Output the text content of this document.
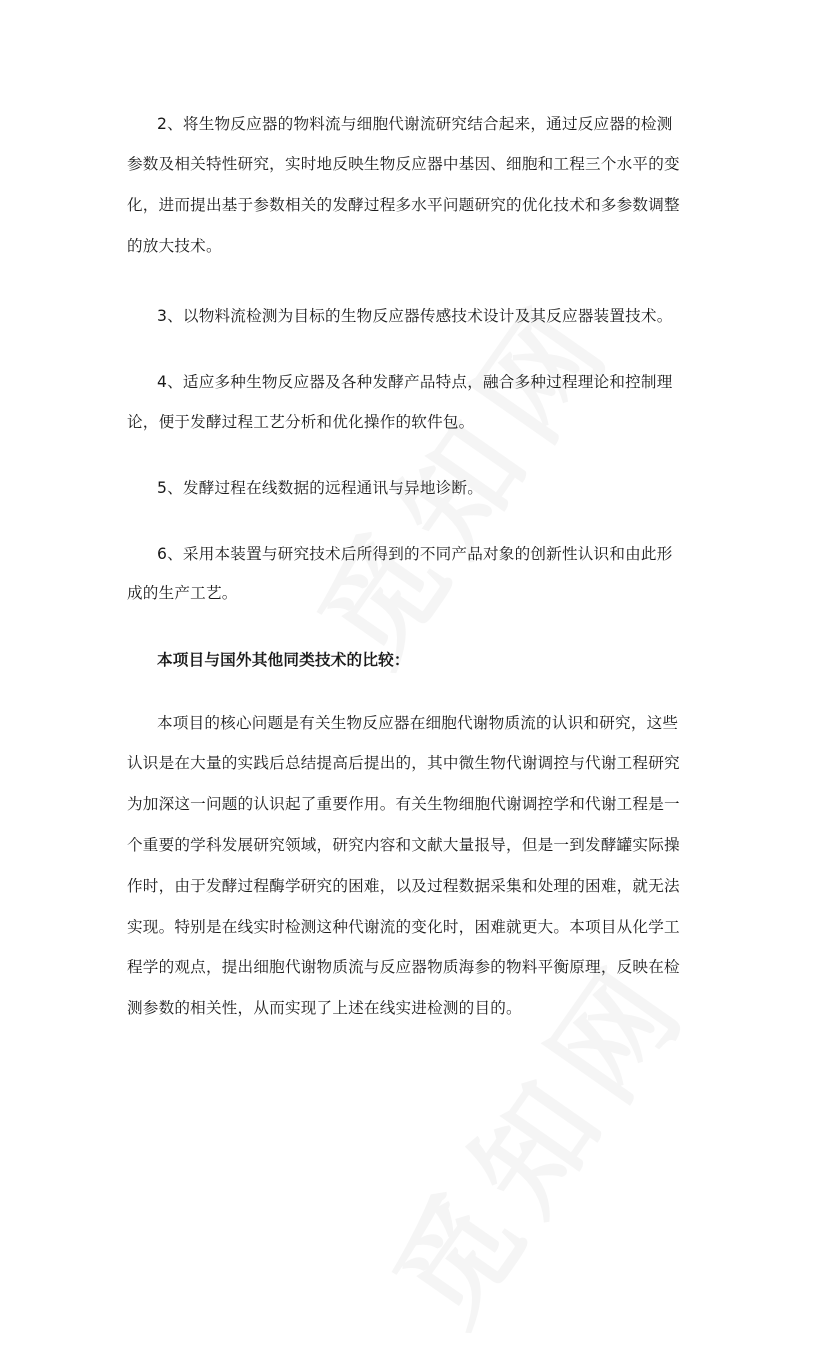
2、将生物反应器的物料流与细胞代谢流研究结合起来，通过反应器的检测
参数及相关特性研究，实时地反映生物反应器中基因、细胞和工程三个水平的变
化，进而提出基于参数相关的发酵过程多水平问题研究的优化技术和多参数调整
的放大技术。
3、以物料流检测为目标的生物反应器传感技术设计及其反应器装置技术。
4、适应多种生物反应器及各种发酵产品特点，融合多种过程理论和控制理
论，便于发酵过程工艺分析和优化操作的软件包。
5、发酵过程在线数据的远程通讯与异地诊断。
6、采用本装置与研究技术后所得到的不同产品对象的创新性认识和由此形
成的生产工艺。
本项目与国外其他同类技术的比较：
本项目的核心问题是有关生物反应器在细胞代谢物质流的认识和研究，这些
认识是在大量的实践后总结提高后提出的，其中微生物代谢调控与代谢工程研究
为加深这一问题的认识起了重要作用。有关生物细胞代谢调控学和代谢工程是一
个重要的学科发展研究领域，研究内容和文献大量报导，但是一到发酵罐实际操
作时，由于发酵过程酶学研究的困难，以及过程数据采集和处理的困难，就无法
实现。特别是在线实时检测这种代谢流的变化时，困难就更大。本项目从化学工
程学的观点，提出细胞代谢物质流与反应器物质海参的物料平衡原理，反映在检
测参数的相关性，从而实现了上述在线实进检测的目的。
